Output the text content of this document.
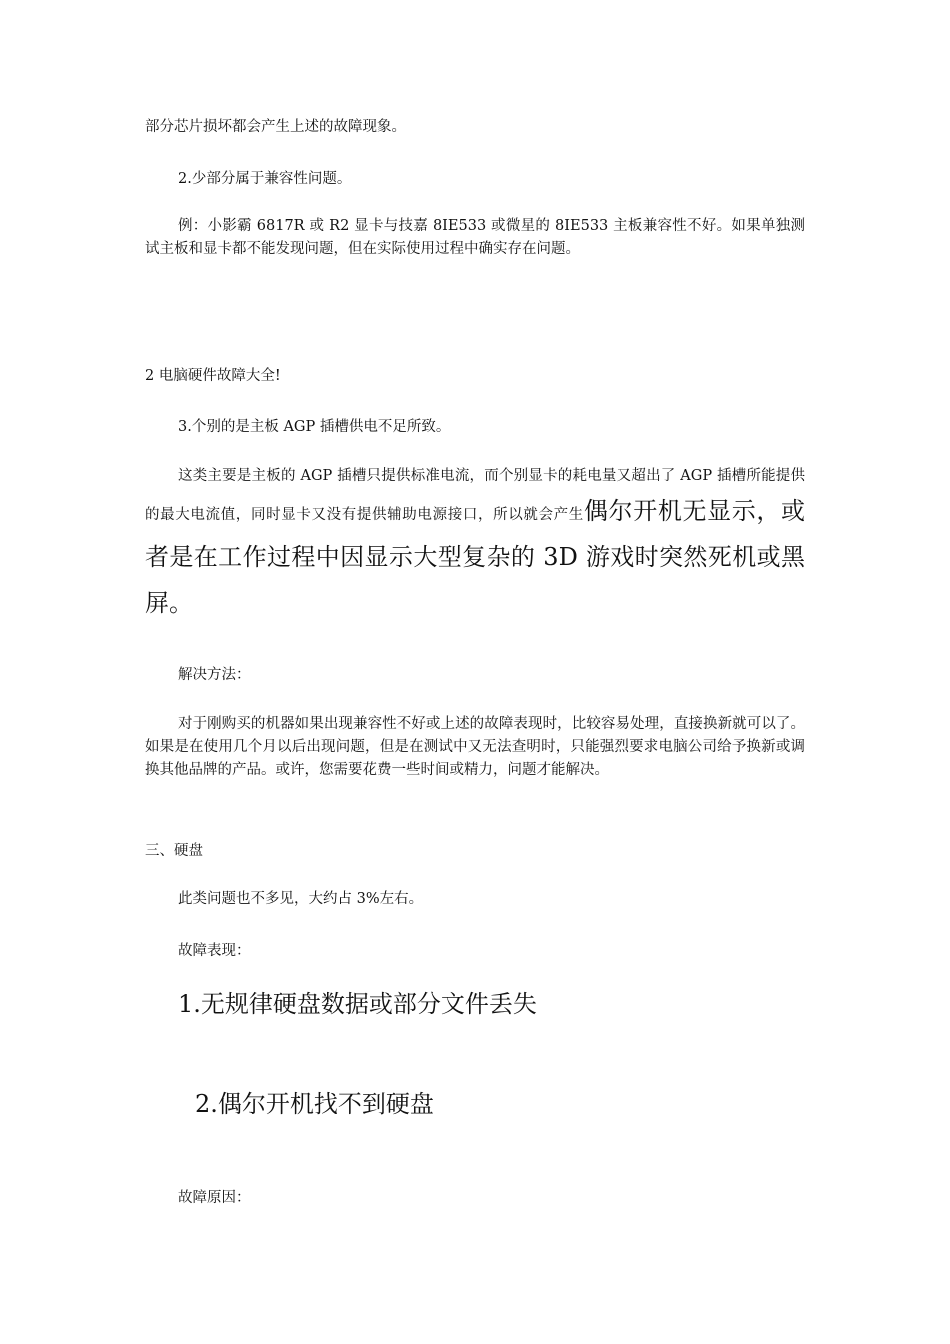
部分芯片损坏都会产生上述的故障现象。

2.少部分属于兼容性问题。

例：小影霸 6817R 或 R2 显卡与技嘉 8IE533 或微星的 8IE533 主板兼容性不好。如果单独测试主板和显卡都不能发现问题，但在实际使用过程中确实存在问题。

2 电脑硬件故障大全!

3.个别的是主板 AGP 插槽供电不足所致。

这类主要是主板的 AGP 插槽只提供标准电流，而个别显卡的耗电量又超出了 AGP 插槽所能提供的最大电流值，同时显卡又没有提供辅助电源接口，所以就会产生偶尔开机无显示，或者是在工作过程中因显示大型复杂的 3D 游戏时突然死机或黑屏。

解决方法：

对于刚购买的机器如果出现兼容性不好或上述的故障表现时，比较容易处理，直接换新就可以了。如果是在使用几个月以后出现问题，但是在测试中又无法查明时，只能强烈要求电脑公司给予换新或调换其他品牌的产品。或许，您需要花费一些时间或精力，问题才能解决。

三、硬盘

此类问题也不多见，大约占 3%左右。

故障表现：

1.无规律硬盘数据或部分文件丢失

2.偶尔开机找不到硬盘

故障原因：
